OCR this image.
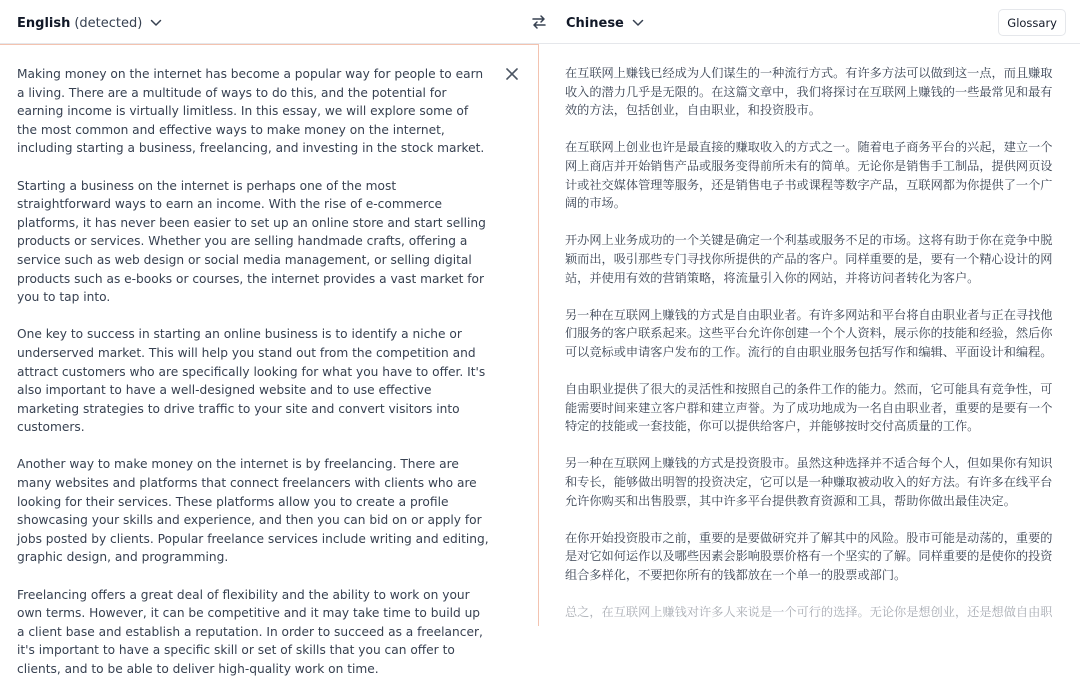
English (detected)	Chinese	Glossary

Making money on the internet has become a popular way for people to earn a living. There are a multitude of ways to do this, and the potential for earning income is virtually limitless. In this essay, we will explore some of the most common and effective ways to make money on the internet, including starting a business, freelancing, and investing in the stock market.

Starting a business on the internet is perhaps one of the most straightforward ways to earn an income. With the rise of e-commerce platforms, it has never been easier to set up an online store and start selling products or services. Whether you are selling handmade crafts, offering a service such as web design or social media management, or selling digital products such as e-books or courses, the internet provides a vast market for you to tap into.

One key to success in starting an online business is to identify a niche or underserved market. This will help you stand out from the competition and attract customers who are specifically looking for what you have to offer. It's also important to have a well-designed website and to use effective marketing strategies to drive traffic to your site and convert visitors into customers.

Another way to make money on the internet is by freelancing. There are many websites and platforms that connect freelancers with clients who are looking for their services. These platforms allow you to create a profile showcasing your skills and experience, and then you can bid on or apply for jobs posted by clients. Popular freelance services include writing and editing, graphic design, and programming.

Freelancing offers a great deal of flexibility and the ability to work on your own terms. However, it can be competitive and it may take time to build up a client base and establish a reputation. In order to succeed as a freelancer, it's important to have a specific skill or set of skills that you can offer to clients, and to be able to deliver high-quality work on time.

在互联网上赚钱已经成为人们谋生的一种流行方式。有许多方法可以做到这一点，而且赚取收入的潜力几乎是无限的。在这篇文章中，我们将探讨在互联网上赚钱的一些最常见和最有效的方法，包括创业，自由职业，和投资股市。

在互联网上创业也许是最直接的赚取收入的方式之一。随着电子商务平台的兴起，建立一个网上商店并开始销售产品或服务变得前所未有的简单。无论你是销售手工制品，提供网页设计或社交媒体管理等服务，还是销售电子书或课程等数字产品，互联网都为你提供了一个广阔的市场。

开办网上业务成功的一个关键是确定一个利基或服务不足的市场。这将有助于你在竞争中脱颖而出，吸引那些专门寻找你所提供的产品的客户。同样重要的是，要有一个精心设计的网站，并使用有效的营销策略，将流量引入你的网站，并将访问者转化为客户。

另一种在互联网上赚钱的方式是自由职业者。有许多网站和平台将自由职业者与正在寻找他们服务的客户联系起来。这些平台允许你创建一个个人资料，展示你的技能和经验，然后你可以竞标或申请客户发布的工作。流行的自由职业服务包括写作和编辑、平面设计和编程。

自由职业提供了很大的灵活性和按照自己的条件工作的能力。然而，它可能具有竞争性，可能需要时间来建立客户群和建立声誉。为了成功地成为一名自由职业者，重要的是要有一个特定的技能或一套技能，你可以提供给客户，并能够按时交付高质量的工作。

另一种在互联网上赚钱的方式是投资股市。虽然这种选择并不适合每个人，但如果你有知识和专长，能够做出明智的投资决定，它可以是一种赚取被动收入的好方法。有许多在线平台允许你购买和出售股票，其中许多平台提供教育资源和工具，帮助你做出最佳决定。

在你开始投资股市之前，重要的是要做研究并了解其中的风险。股市可能是动荡的，重要的是对它如何运作以及哪些因素会影响股票价格有一个坚实的了解。同样重要的是使你的投资组合多样化，不要把你所有的钱都放在一个单一的股票或部门。

总之，在互联网上赚钱对许多人来说是一个可行的选择。无论你是想创业，还是想做自由职
